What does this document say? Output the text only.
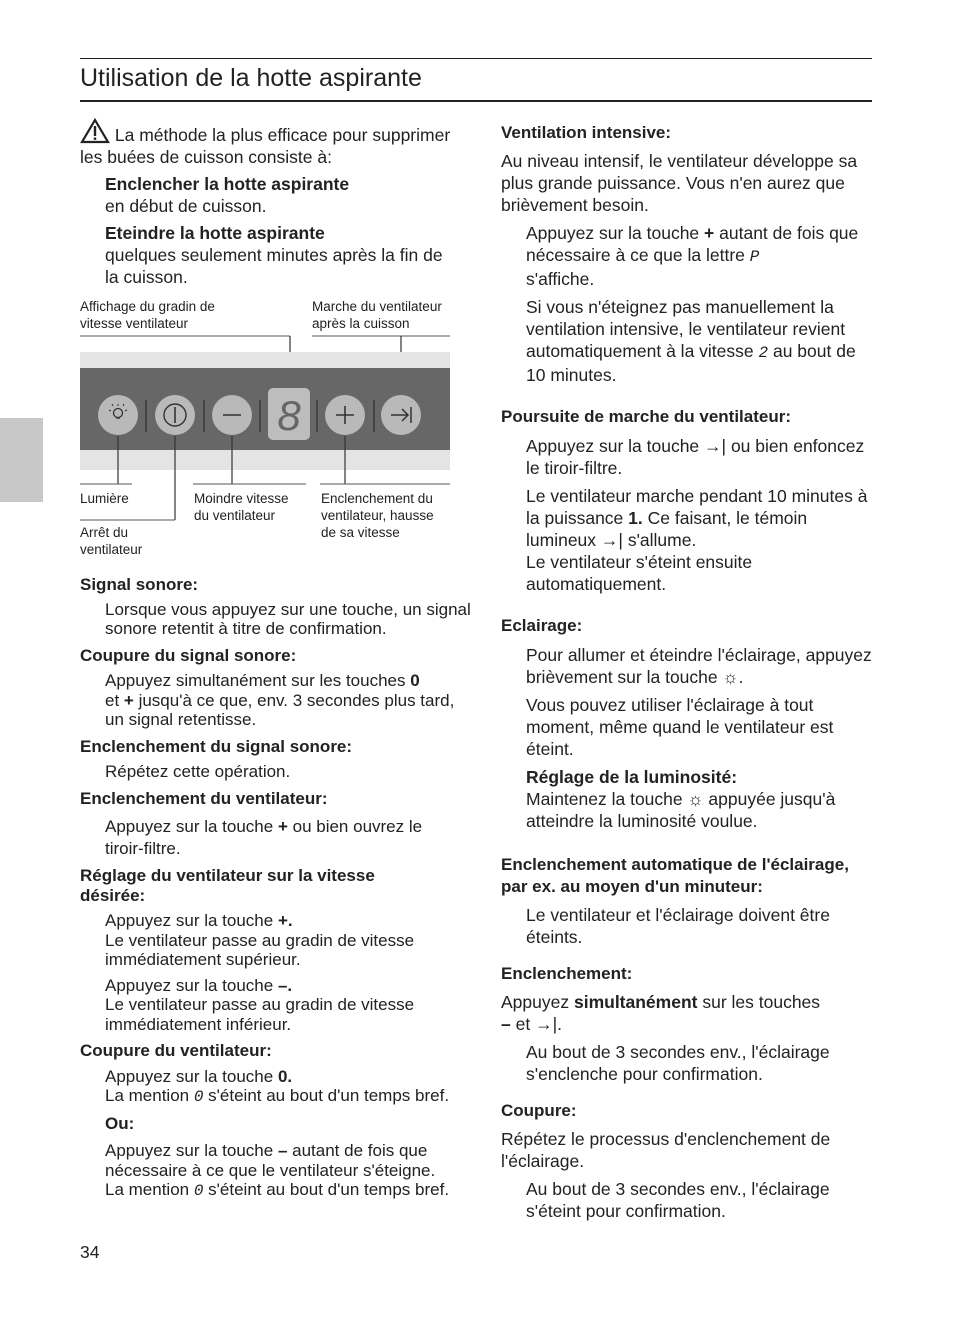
Utilisation de la hotte aspirante

La méthode la plus efficace pour supprimer les buées de cuisson consiste à:

Enclencher la hotte aspirante
en début de cuisson.

Eteindre la hotte aspirante
quelques seulement minutes après la fin de la cuisson.

Affichage du gradin de vitesse ventilateur
Marche du ventilateur après la cuisson
8
Lumière
Arrêt du ventilateur
Moindre vitesse du ventilateur
Enclenchement du ventilateur, hausse de sa vitesse

Signal sonore:

Lorsque vous appuyez sur une touche, un signal sonore retentit à titre de confirmation.

Coupure du signal sonore:

Appuyez simultanément sur les touches 0
et + jusqu'à ce que, env. 3 secondes plus tard, un signal retentisse.

Enclenchement du signal sonore:

Répétez cette opération.

Enclenchement du ventilateur:

Appuyez sur la touche + ou bien ouvrez le tiroir-filtre.

Réglage du ventilateur sur la vitesse désirée:

Appuyez sur la touche +.
Le ventilateur passe au gradin de vitesse immédiatement supérieur.

Appuyez sur la touche –.
Le ventilateur passe au gradin de vitesse immédiatement inférieur.

Coupure du ventilateur:

Appuyez sur la touche 0.
La mention 0 s'éteint au bout d'un temps bref.

Ou:

Appuyez sur la touche – autant de fois que nécessaire à ce que le ventilateur s'éteigne.
La mention 0 s'éteint au bout d'un temps bref.

34

Ventilation intensive:

Au niveau intensif, le ventilateur développe sa plus grande puissance. Vous n'en aurez que brièvement besoin.

Appuyez sur la touche + autant de fois que nécessaire à ce que la lettre P
s'affiche.

Si vous n'éteignez pas manuellement la ventilation intensive, le ventilateur revient automatiquement à la vitesse 2 au bout de 10 minutes.

Poursuite de marche du ventilateur:

Appuyez sur la touche →| ou bien enfoncez le tiroir-filtre.

Le ventilateur marche pendant 10 minutes à la puissance 1. Ce faisant, le témoin lumineux →| s'allume.
Le ventilateur s'éteint ensuite automatiquement.

Eclairage:

Pour allumer et éteindre l'éclairage, appuyez brièvement sur la touche ☼.

Vous pouvez utiliser l'éclairage à tout moment, même quand le ventilateur est éteint.

Réglage de la luminosité:
Maintenez la touche ☼ appuyée jusqu'à atteindre la luminosité voulue.

Enclenchement automatique de l'éclairage, par ex. au moyen d'un minuteur:

Le ventilateur et l'éclairage doivent être éteints.

Enclenchement:

Appuyez simultanément sur les touches
– et →|.

Au bout de 3 secondes env., l'éclairage s'enclenche pour confirmation.

Coupure:

Répétez le processus d'enclenchement de l'éclairage.

Au bout de 3 secondes env., l'éclairage s'éteint pour confirmation.
